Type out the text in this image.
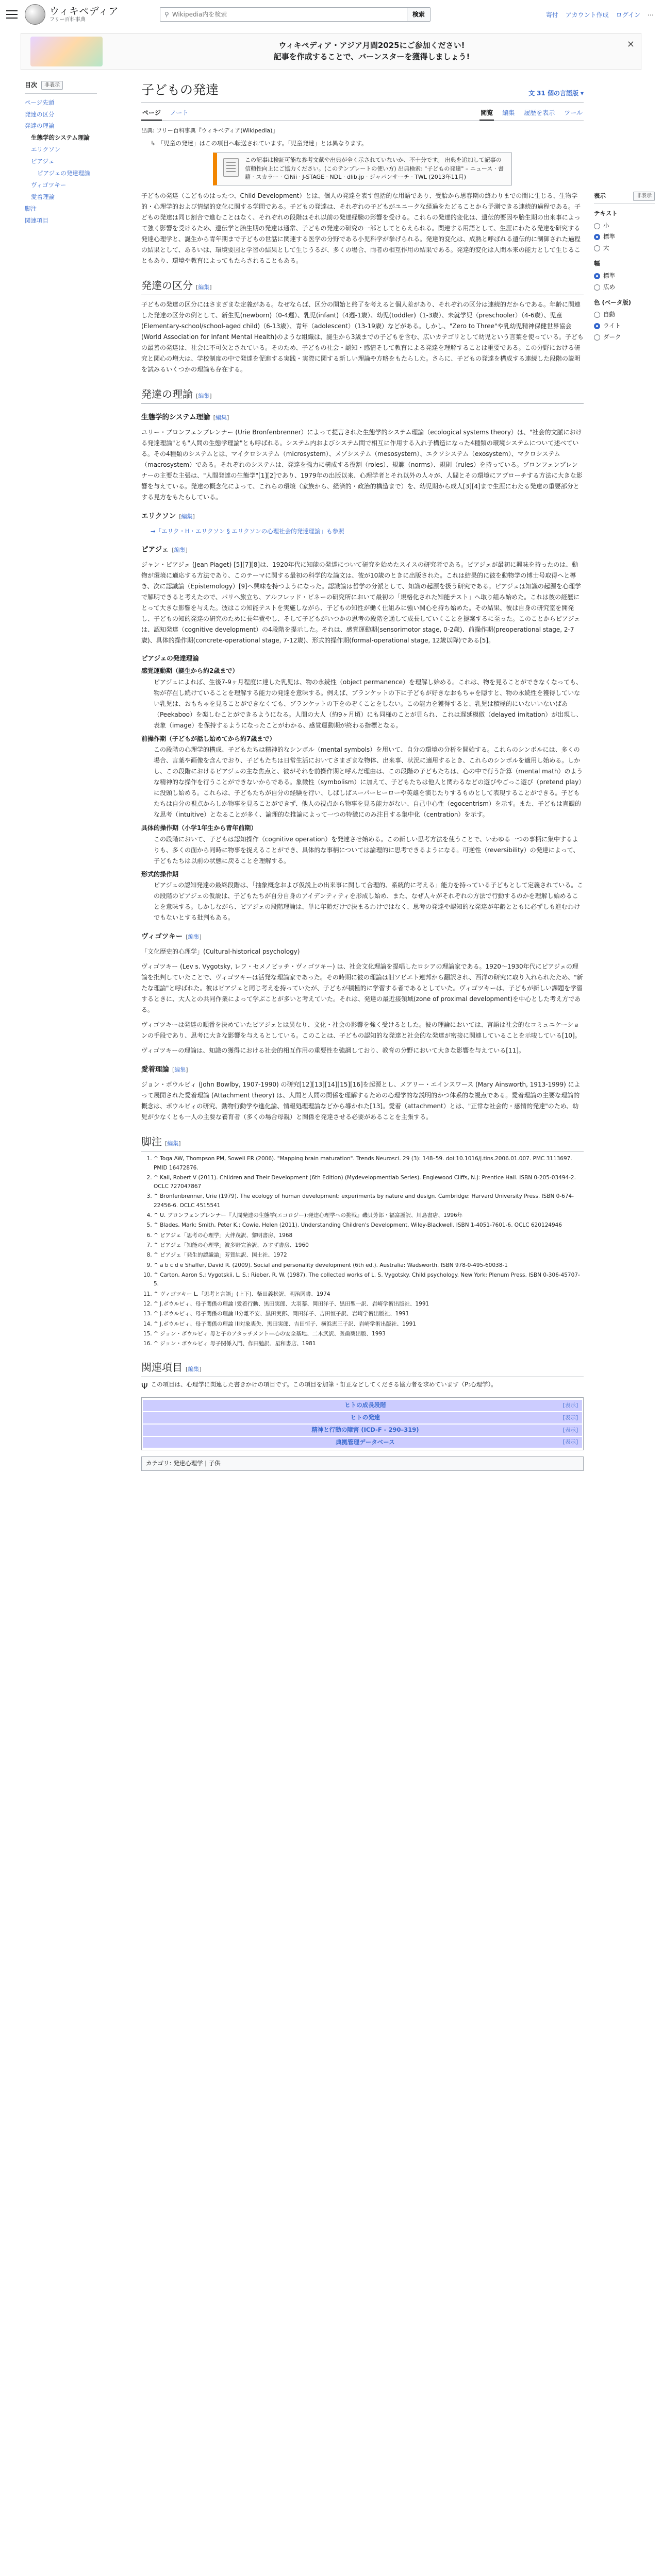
ウィキペディア
フリー百科事典
⚲
Wikipedia内を検索	検索	寄付 アカウント作成 ログイン ⋯
ウィキペディア・アジア月間2025にご参加ください!
記事を作成することで、バーンスターを獲得しましょう!
✕
目次	非表示
ページ先頭
発達の区分
発達の理論
生態学的システム理論
エリクソン
ピアジェ
ピアジェの発達理論
ヴィゴツキー
愛着理論
脚注
関連項目
表示	非表示
テキスト
小
標準
大
幅
標準
広め
色 (ベータ版)
自動
ライト
ダーク
子どもの発達	文 31 個の言語版 ▾
ページ ノート	閲覧 編集 履歴を表示 ツール
出典: フリー百科事典『ウィキペディア(Wikipedia)』
↳ 「児童の発達」はこの項目へ転送されています。「児童発達」とは異なります。
この記事は検証可能な参考文献や出典が全く示されていないか、不十分です。 出典を追加して記事の信頼性向上にご協力ください。(このテンプレートの使い方) 出典検索: "子どもの発達" – ニュース · 書籍 · スカラー · CiNii · J-STAGE · NDL · dlib.jp · ジャパンサーチ · TWL (2013年11月)

子どもの発達（こどものはったつ、Child Development）とは、個人の発達を表す包括的な用語であり、受胎から思春期の終わりまでの間に生じる、生物学的・心理学的および情緒的変化に関する学問である。子どもの発達は、それぞれの子どもがユニークな経過をたどることから予測できる連続的過程である。子どもの発達は同じ割合で進むことはなく、それぞれの段階はそれ以前の発達経験の影響を受ける。これらの発達的変化は、遺伝的要因や胎生期の出来事によって強く影響を受けるため、遺伝学と胎生期の発達は通常、子どもの発達の研究の一部としてとらえられる。関連する用語として、生涯にわたる発達を研究する発達心理学と、誕生から青年期まで子どもの世話に関連する医学の分野である小児科学が挙げられる。発達的変化は、成熟と呼ばれる遺伝的に制御された過程の結果として、あるいは、環境要因と学習の結果として生じうるが、多くの場合、両者の相互作用の結果である。発達的変化は人間本来の能力として生じることもあり、環境や教育によってもたらされることもある。

発達の区分 [編集]

子どもの発達の区分にはさまざまな定義がある。なぜならば、区分の開始と終了を考えると個人差があり、それぞれの区分は連続的だからである。年齢に関連した発達の区分の例として、新生児(newborn)（0-4週）、乳児(infant)（4週-1歳）、幼児(toddler)（1-3歳）、未就学児（preschooler）（4-6歳）、児童(Elementary-school/school-aged child)（6-13歳）、青年（adolescent）（13-19歳）などがある。しかし、"Zero to Three"や乳幼児精神保健世界協会(World Association for Infant Mental Health)のような組織は、誕生から3歳までの子どもを含む、広いカテゴリとして幼児という言葉を使っている。子どもの最善の発達は、社会に不可欠とされている。そのため、子どもの社会・認知・感情そして教育による発達を理解することは重要である。この分野における研究と関心の増大は、学校制度の中で発達を促進する実践・実際に関する新しい理論や方略をもたらした。さらに、子どもの発達を構成する連続した段階の説明を試みるいくつかの理論も存在する。

発達の理論 [編集]
生態学的システム理論 [編集]

ユリー・ブロンフェンブレンナー (Urie Bronfenbrenner）によって提言された生態学的システム理論（ecological systems theory）は、"社会的文脈における発達理論"とも"人間の生態学理論"とも呼ばれる。システム内およびシステム間で相互に作用する入れ子構造になった4種類の環境システムについて述べている。その4種類のシステムとは、マイクロシステム（microsystem）、メゾシステム（mesosystem）、エクソシステム（exosystem）、マクロシステム（macrosystem）である。それぞれのシステムは、発達を強力に構成する役割（roles）、規範（norms）、規則（rules）を持っている。ブロンフェンブレンナーの主要な主張は、"人間発達の生態学"[1][2]であり、1979年の出版以来、心理学者とそれ以外の人々が、人間とその環境にアプローチする方法に大きな影響を与えている。発達の概念化によって、これらの環境（家族から、経済的・政治的構造まで）を、幼児期から成人[3][4]まで生涯にわたる発達の重要部分とする見方をもたらしている。

エリクソン [編集]

→「エリク・H・エリクソン § エリクソンの心理社会的発達理論」も参照

ピアジェ [編集]

ジャン・ピアジェ (Jean Piaget) [5][7][8]は、1920年代に知能の発達について研究を始めたスイスの研究者である。ピアジェが最初に興味を持ったのは、動物が環境に適応する方法であり、このテーマに関する最初の科学的な論文は、彼が10歳のときに出版された。これは結果的に彼を動物学の博士号取得へと導き、次に認識論（Epistemology）[9]へ興味を持つようになった。認識論は哲学の分派として、知識の起源を扱う研究である。ピアジェは知識の起源を心理学で解明できると考えたので、パリへ旅立ち、アルフレッド・ビネーの研究所において最初の「規格化された知能テスト」へ取り組み始めた。これは彼の経歴にとって大きな影響を与えた。彼はこの知能テストを実施しながら、子どもの知性が働く仕組みに強い関心を持ち始めた。その結果、彼は自身の研究室を開発し、子どもの知的発達の研究のために長年費やし、そして子どもがいつかの思考の段階を通して成長していくことを提案するに至った。このことからピアジェは、認知発達（cognitive development）の4段階を提示した。それは、感覚運動期(sensorimotor stage, 0-2歳)、前操作期(preoperational stage, 2-7歳)、具体的操作期(concrete-operational stage, 7-12歳)、形式的操作期(formal-operational stage, 12歳以降)である[5]。

ピアジェの発達理論
感覚運動期（誕生から約2歳まで）
ピアジェによれば、生後7-9ヶ月程度に達した乳児は、物の永続性（object permanence）を理解し始める。これは、物を見ることができなくなっても、物が存在し続けていることを理解する能力の発達を意味する。例えば、ブランケットの下に子どもが好きなおもちゃを隠すと、物の永続性を獲得していない乳児は、おもちゃを見ることができなくても、ブランケットの下をのぞくことをしない。この能力を獲得すると、乳児は積極的にいないいないばあ（Peekaboo）を楽しむことができるようになる。人間の大人（約9ヶ月頃）にも同様のことが見られ、これは遅延模倣（delayed imitation）が出現し、表象（image）を保持するようになったことがわかる、感覚運動期が終わる指標となる。
前操作期（子どもが話し始めてから約7歳まで）
この段階の心理学的構成、子どもたちは精神的なシンボル（mental symbols）を用いて、自分の環境の分析を開始する。これらのシンボルには、多くの場合、言葉や画像を含んでおり、子どもたちは日常生活においてさまざまな物体、出来事、状況に適用するとき、これらのシンボルを適用し始める。しかし、この段階におけるピアジェの主な焦点と、彼がそれを前操作期と呼んだ理由は、この段階の子どもたちは、心の中で行う計算（mental math）のような精神的な操作を行うことができないからである。象徴性（symbolism）に加えて、子どもたちは他人と関わるなどの遊びやごっこ遊び（pretend play）に没頭し始める。これらは、子どもたちが自分の経験を行い、しばしばスーパーヒーローや英雄を演じたりするものとして表現することができる。子どもたちは自分の視点からしか物事を見ることができず、他人の視点から物事を見る能力がない、自己中心性（egocentrism）を示す。また、子どもは直観的な思考（intuitive）となることが多く、論理的な推論によって一つの特徴にのみ注目する集中化（centration）を示す。
具体的操作期（小学1年生から青年前期）
この段階において、子どもは認知操作（cognitive operation）を発達させ始める。この新しい思考方法を使うことで、いわゆる一つの事柄に集中するよりも、多くの面から同時に物事を捉えることができ、具体的な事柄については論理的に思考できるようになる。可逆性（reversibility）の発達によって、子どもたちは以前の状態に戻ることを理解する。
形式的操作期
ピアジェの認知発達の最終段階は、「抽象概念および仮説上の出来事に関して合理的、系統的に考える」能力を持っている子どもとして定義されている。この段階のピアジェの仮説は、子どもたちが自分自身のアイデンティティを形成し始め、また、なぜ人々がそれぞれの方法で行動するのかを理解し始めることを意味する。しかしながら、ピアジェの段階理論は、単に年齢だけで決まるわけではなく、思考の発達や認知的な発達が年齢とともに必ずしも進むわけでもないとする批判もある。
ヴィゴツキー [編集]

「文化歴史的心理学」(Cultural-historical psychology)

ヴィゴツキー (Lev s. Vygotsky, レフ・セメノビッチ・ヴィゴツキー) は、社会文化理論を提唱したロシアの理論家である。1920～1930年代にピアジェの理論を批判していたことで、ヴィゴツキーは活発な理論家であった。その時期に彼の理論は旧ソビエト連邦から翻訳され、西洋の研究に取り入れられたため、"新たな理論"と呼ばれた。彼はピアジェと同じ考えを持っていたが、子どもが積極的に学習する者であるとしていた。ヴィゴツキーは、子どもが新しい課題を学習するときに、大人との共同作業によって学ぶことが多いと考えていた。それは、発達の最近接領域(zone of proximal development)を中心とした考え方である。

ヴィゴツキーは発達の順番を決めていたピアジェとは異なり、文化・社会の影響を強く受けるとした。彼の理論においては、言語は社会的なコミュニケーションの手段であり、思考に大きな影響を与えるとしている。このことは、子どもの認知的な発達と社会的な発達が密接に関連していることを示唆している[10]。

ヴィゴツキーの理論は、知識の獲得における社会的相互作用の重要性を強調しており、教育の分野において大きな影響を与えている[11]。

愛着理論 [編集]

ジョン・ボウルビィ (John Bowlby, 1907-1990) の研究[12][13][14][15][16]を起源とし、メアリー・エインスワース (Mary Ainsworth, 1913-1999) によって展開された愛着理論 (Attachment theory) は、人間と人間の関係を理解するための心理学的な説明的かつ体系的な視点である。愛着理論の主要な理論的概念は、ボウルビィの研究、動物行動学や進化論、情報処理理論などから導かれた[13]。愛着（attachment）とは、"正常な社会的・感情的発達"のため、幼児が少なくとも一人の主要な養育者（多くの場合母親）と関係を発達させる必要があることを主張する。

脚注 [編集]
1. ^ Toga AW, Thompson PM, Sowell ER (2006). "Mapping brain maturation". Trends Neurosci. 29 (3): 148–59. doi:10.1016/j.tins.2006.01.007. PMC 3113697. PMID 16472876.
2. ^ Kail, Robert V (2011). Children and Their Development (6th Edition) (Mydevelopmentlab Series). Englewood Cliffs, N.J: Prentice Hall. ISBN 0-205-03494-2. OCLC 727047867
3. ^ Bronfenbrenner, Urie (1979). The ecology of human development: experiments by nature and design. Cambridge: Harvard University Press. ISBN 0-674-22456-6. OCLC 4515541
4. ^ U. ブロンフェンブレンナー『人間発達の生態学(エコロジー):発達心理学への挑戦』磯貝芳郎・福富護訳、川島書店、1996年
5. ^ Blades, Mark; Smith, Peter K.; Cowie, Helen (2011). Understanding Children's Development. Wiley-Blackwell. ISBN 1-4051-7601-6. OCLC 620124946
6. ^ ピアジェ「思考の心理学」大伴茂訳、黎明書房、1968
7. ^ ピアジェ「知能の心理学」波多野完治訳、みすず書房、1960
8. ^ ピアジェ「発生的認識論」芳賀純訳、国土社、1972
9. ^ a b c d e Shaffer, David R. (2009). Social and personality development (6th ed.). Australia: Wadsworth. ISBN 978-0-495-60038-1
10. ^ Carton, Aaron S.; Vygotskii, L. S.; Rieber, R. W. (1987). The collected works of L. S. Vygotsky. Child psychology. New York: Plenum Press. ISBN 0-306-45707-5.
11. ^ ヴィゴツキー L.「思考と言語」(上下)、柴田義松訳、明治図書、1974
12. ^ J.ボウルビィ、母子関係の理論 I愛着行動、黒田実郎、大羽蓁、岡田洋子、黒田聖一訳、岩崎学術出版社、1991
13. ^ J.ボウルビィ、母子関係の理論 II分離不安、黒田実郎、岡田洋子、吉田恒子訳、岩崎学術出版社、1991
14. ^ J.ボウルビィ、母子関係の理論 III対象喪失、黒田実郎、吉田恒子、横浜恵三子訳、岩崎学術出版社、1991
15. ^ ジョン・ボウルビィ 母と子のアタッチメント—心の安全基地、二木武訳、医歯薬出版、1993
16. ^ ジョン・ボウルビィ 母子関係入門、作田勉訳、星和書店、1981
関連項目 [編集]
Ψ この項目は、心理学に関連した書きかけの項目です。この項目を加筆・訂正などしてくださる協力者を求めています（P:心理学）。
ヒトの成長段階	[表示]
ヒトの発達	[表示]
精神と行動の障害 (ICD-F - 290–319)	[表示]
典拠管理データベース	[表示]
カテゴリ: 発達心理学 | 子供
